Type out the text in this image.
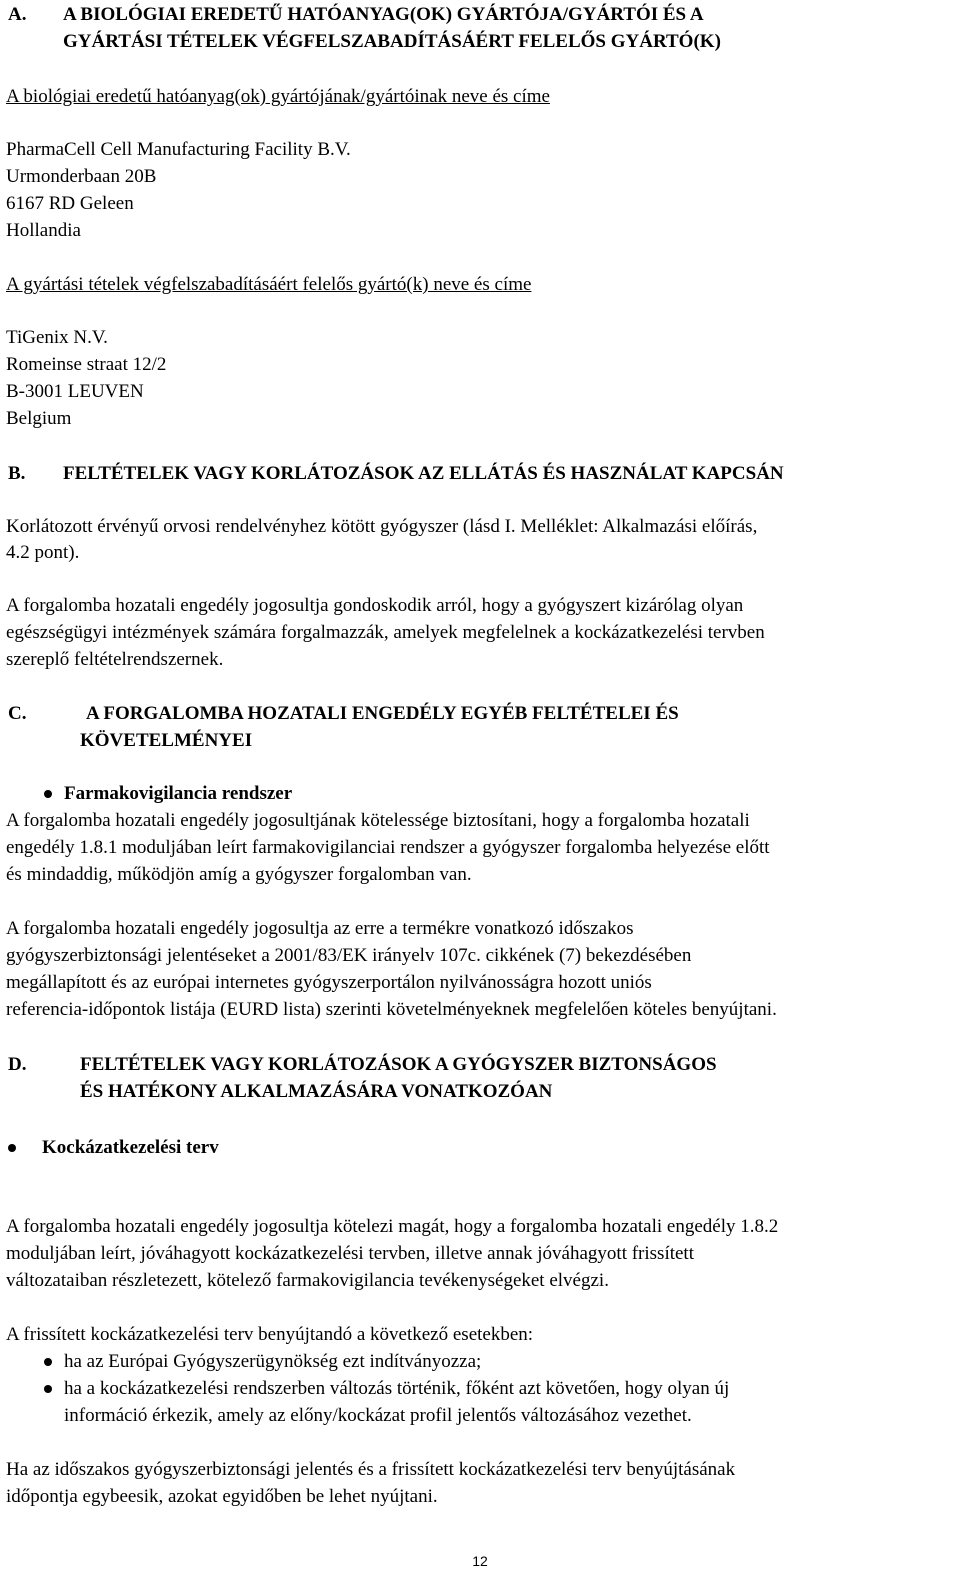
A. A BIOLÓGIAI EREDETŰ HATÓANYAG(OK) GYÁRTÓJA/GYÁRTÓI ÉS A
GYÁRTÁSI TÉTELEK VÉGFELSZABADÍTÁSÁÉRT FELELŐS GYÁRTÓ(K)
A biológiai eredetű hatóanyag(ok) gyártójának/gyártóinak neve és címe
PharmaCell Cell Manufacturing Facility B.V.
Urmonderbaan 20B
6167 RD Geleen
Hollandia
A gyártási tételek végfelszabadításáért felelős gyártó(k) neve és címe
TiGenix N.V.
Romeinse straat 12/2
B-3001 LEUVEN
Belgium
B. FELTÉTELEK VAGY KORLÁTOZÁSOK AZ ELLÁTÁS ÉS HASZNÁLAT KAPCSÁN
Korlátozott érvényű orvosi rendelvényhez kötött gyógyszer (lásd I. Melléklet: Alkalmazási előírás,
4.2 pont).
A forgalomba hozatali engedély jogosultja gondoskodik arról, hogy a gyógyszert kizárólag olyan
egészségügyi intézmények számára forgalmazzák, amelyek megfelelnek a kockázatkezelési tervben
szereplő feltételrendszernek.
C.	A FORGALOMBA HOZATALI ENGEDÉLY EGYÉB FELTÉTELEI ÉS
KÖVETELMÉNYEI
Farmakovigilancia rendszer
A forgalomba hozatali engedély jogosultjának kötelessége biztosítani, hogy a forgalomba hozatali
engedély 1.8.1 moduljában leírt farmakovigilanciai rendszer a gyógyszer forgalomba helyezése előtt
és mindaddig, működjön amíg a gyógyszer forgalomban van.
A forgalomba hozatali engedély jogosultja az erre a termékre vonatkozó időszakos
gyógyszerbiztonsági jelentéseket a 2001/83/EK irányelv 107c. cikkének (7) bekezdésében
megállapított és az európai internetes gyógyszerportálon nyilvánosságra hozott uniós
referencia-időpontok listája (EURD lista) szerinti követelményeknek megfelelően köteles benyújtani.
D.	FELTÉTELEK VAGY KORLÁTOZÁSOK A GYÓGYSZER BIZTONSÁGOS
ÉS HATÉKONY ALKALMAZÁSÁRA VONATKOZÓAN
Kockázatkezelési terv
A forgalomba hozatali engedély jogosultja kötelezi magát, hogy a forgalomba hozatali engedély 1.8.2
moduljában leírt, jóváhagyott kockázatkezelési tervben, illetve annak jóváhagyott frissített
változataiban részletezett, kötelező farmakovigilancia tevékenységeket elvégzi.
A frissített kockázatkezelési terv benyújtandó a következő esetekben:
ha az Európai Gyógyszerügynökség ezt indítványozza;
ha a kockázatkezelési rendszerben változás történik, főként azt követően, hogy olyan új
információ érkezik, amely az előny/kockázat profil jelentős változásához vezethet.
Ha az időszakos gyógyszerbiztonsági jelentés és a frissített kockázatkezelési terv benyújtásának
időpontja egybeesik, azokat egyidőben be lehet nyújtani.
12
